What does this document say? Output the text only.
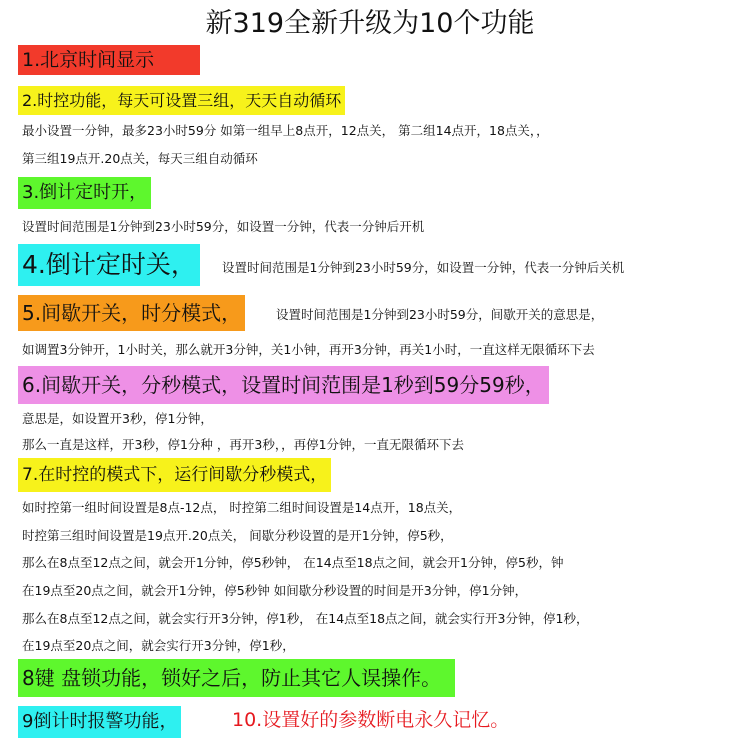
新319全新升级为10个功能
1.北京时间显示
2.时控功能，每天可设置三组，天天自动循环
最小设置一分钟，最多23小时59分 如第一组早上8点开，12点关， 第二组14点开，18点关，，
第三组19点开.20点关，每天三组自动循环
3.倒计定时开，
设置时间范围是1分钟到23小时59分，如设置一分钟，代表一分钟后开机
4.倒计定时关，	设置时间范围是1分钟到23小时59分，如设置一分钟，代表一分钟后关机
5.间歇开关，时分模式，	设置时间范围是1分钟到23小时59分，间歇开关的意思是，
如调置3分钟开，1小时关，那么就开3分钟，关1小钟，再开3分钟，再关1小时，一直这样无限循环下去
6.间歇开关，分秒模式，设置时间范围是1秒到59分59秒，
意思是，如设置开3秒，停1分钟，
那么一直是这样，开3秒，停1分种 ，再开3秒，，再停1分钟，一直无限循环下去
7.在时控的模式下，运行间歇分秒模式，
如时控第一组时间设置是8点-12点， 时控第二组时间设置是14点开，18点关，
时控第三组时间设置是19点开.20点关， 间歇分秒设置的是开1分钟，停5秒，
那么在8点至12点之间，就会开1分钟，停5秒钟， 在14点至18点之间，就会开1分钟，停5秒，钟
在19点至20点之间，就会开1分钟，停5秒钟 如间歇分秒设置的时间是开3分钟，停1分钟，
那么在8点至12点之间，就会实行开3分钟，停1秒， 在14点至18点之间，就会实行开3分钟，停1秒，
在19点至20点之间，就会实行开3分钟，停1秒，
8键 盘锁功能，锁好之后，防止其它人误操作。
9倒计时报警功能，	10.设置好的参数断电永久记忆。
